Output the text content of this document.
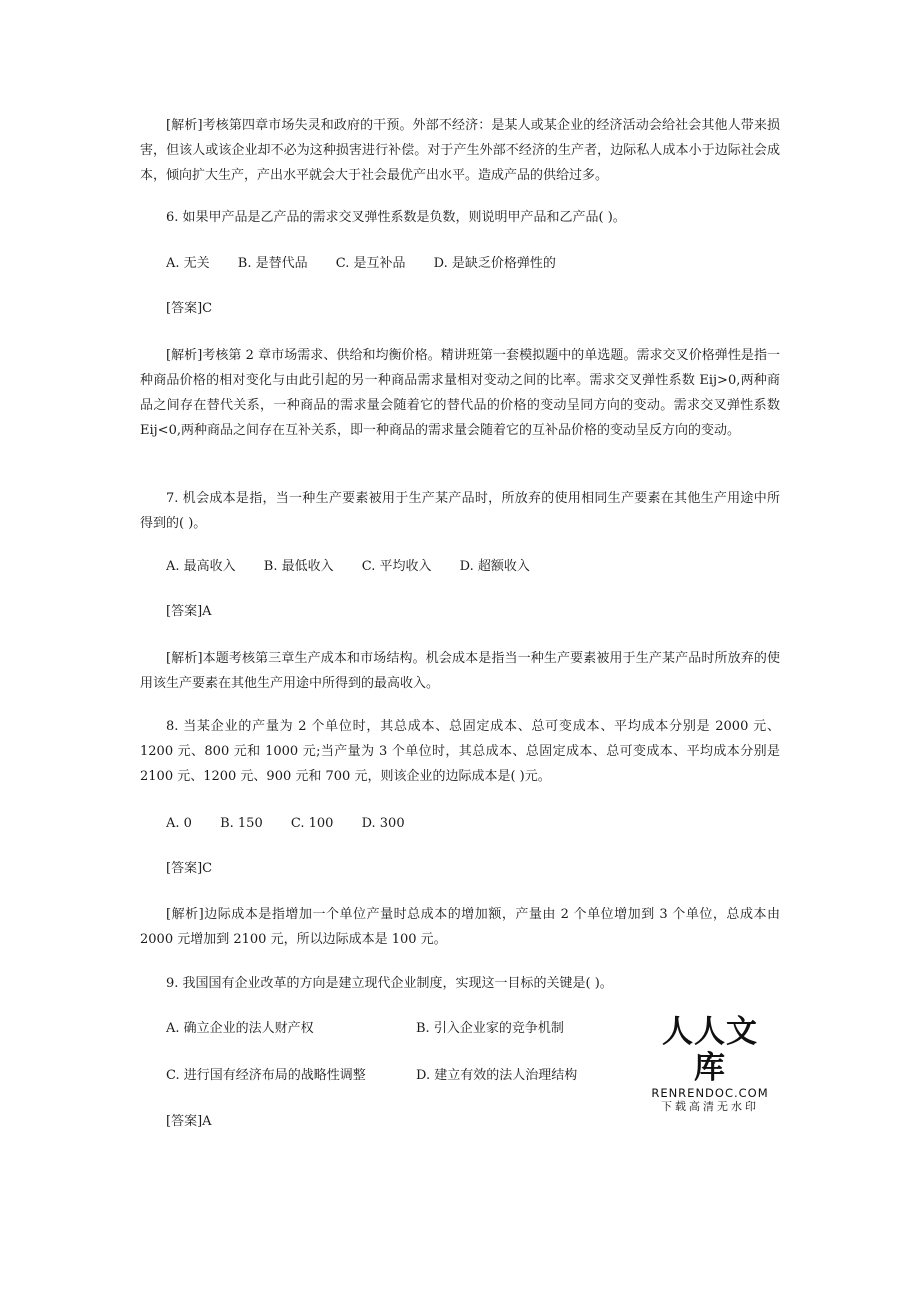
[解析]考核第四章市场失灵和政府的干预。外部不经济：是某人或某企业的经济活动会给社会其他人带来损害，但该人或该企业却不必为这种损害进行补偿。对于产生外部不经济的生产者，边际私人成本小于边际社会成本，倾向扩大生产，产出水平就会大于社会最优产出水平。造成产品的供给过多。

6. 如果甲产品是乙产品的需求交叉弹性系数是负数，则说明甲产品和乙产品( )。

A. 无关 B. 是替代品 C. 是互补品 D. 是缺乏价格弹性的

[答案]C

[解析]考核第 2 章市场需求、供给和均衡价格。精讲班第一套模拟题中的单选题。需求交叉价格弹性是指一种商品价格的相对变化与由此引起的另一种商品需求量相对变动之间的比率。需求交叉弹性系数 Eij>0,两种商品之间存在替代关系，一种商品的需求量会随着它的替代品的价格的变动呈同方向的变动。需求交叉弹性系数 Eij<0,两种商品之间存在互补关系，即一种商品的需求量会随着它的互补品价格的变动呈反方向的变动。

7. 机会成本是指，当一种生产要素被用于生产某产品时，所放弃的使用相同生产要素在其他生产用途中所得到的( )。

A. 最高收入 B. 最低收入 C. 平均收入 D. 超额收入

[答案]A

[解析]本题考核第三章生产成本和市场结构。机会成本是指当一种生产要素被用于生产某产品时所放弃的使用该生产要素在其他生产用途中所得到的最高收入。

8. 当某企业的产量为 2 个单位时，其总成本、总固定成本、总可变成本、平均成本分别是 2000 元、1200 元、800 元和 1000 元;当产量为 3 个单位时，其总成本、总固定成本、总可变成本、平均成本分别是 2100 元、1200 元、900 元和 700 元，则该企业的边际成本是( )元。

A. 0 B. 150 C. 100 D. 300

[答案]C

[解析]边际成本是指增加一个单位产量时总成本的增加额，产量由 2 个单位增加到 3 个单位，总成本由 2000 元增加到 2100 元，所以边际成本是 100 元。

9. 我国国有企业改革的方向是建立现代企业制度，实现这一目标的关键是( )。

A. 确立企业的法人财产权	B. 引入企业家的竞争机制

C. 进行国有经济布局的战略性调整	D. 建立有效的法人治理结构

[答案]A

人人文库
RENRENDOC.COM
下载高清无水印
